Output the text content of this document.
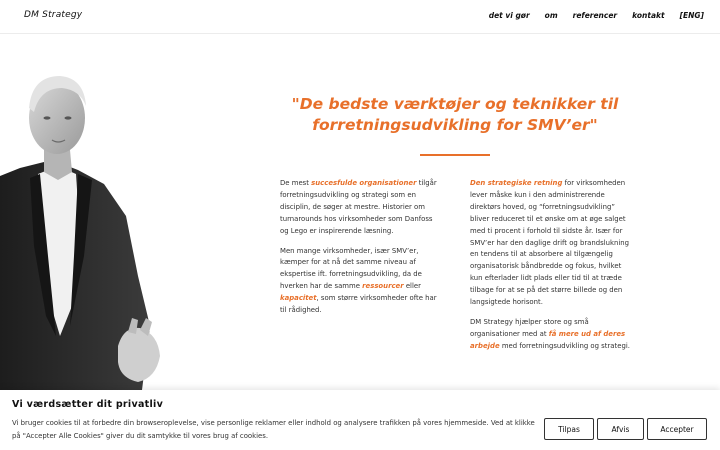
DM Strategy	det vi gør om referencer kontakt [ENG]
"De bedste værktøjer og teknikker til forretningsudvikling for SMV’er"

De mest succesfulde organisationer tilgår forretningsudvikling og strategi som en disciplin, de søger at mestre. Historier om turnarounds hos virksomheder som Danfoss og Lego er inspirerende læsning.

Men mange virksomheder, især SMV’er, kæmper for at nå det samme niveau af ekspertise ift. forretningsudvikling, da de hverken har de samme ressourcer eller kapacitet, som større virksomheder ofte har til rådighed.

Den strategiske retning for virksomheden lever måske kun i den administrerende direktørs hoved, og “forretningsudvikling” bliver reduceret til et ønske om at øge salget med ti procent i forhold til sidste år. Især for SMV’er har den daglige drift og brandslukning en tendens til at absorbere al tilgængelig organisatorisk båndbredde og fokus, hvilket kun efterlader lidt plads eller tid til at træde tilbage for at se på det større billede og den langsigtede horisont.

DM Strategy hjælper store og små organisationer med at få mere ud af deres arbejde med forretningsudvikling og strategi.

Vi værdsætter dit privatliv
Vi bruger cookies til at forbedre din browseroplevelse, vise personlige reklamer eller indhold og analysere trafikken på vores hjemmeside. Ved at klikke på "Accepter Alle Cookies" giver du dit samtykke til vores brug af cookies.
Tilpas	Afvis	Accepter
